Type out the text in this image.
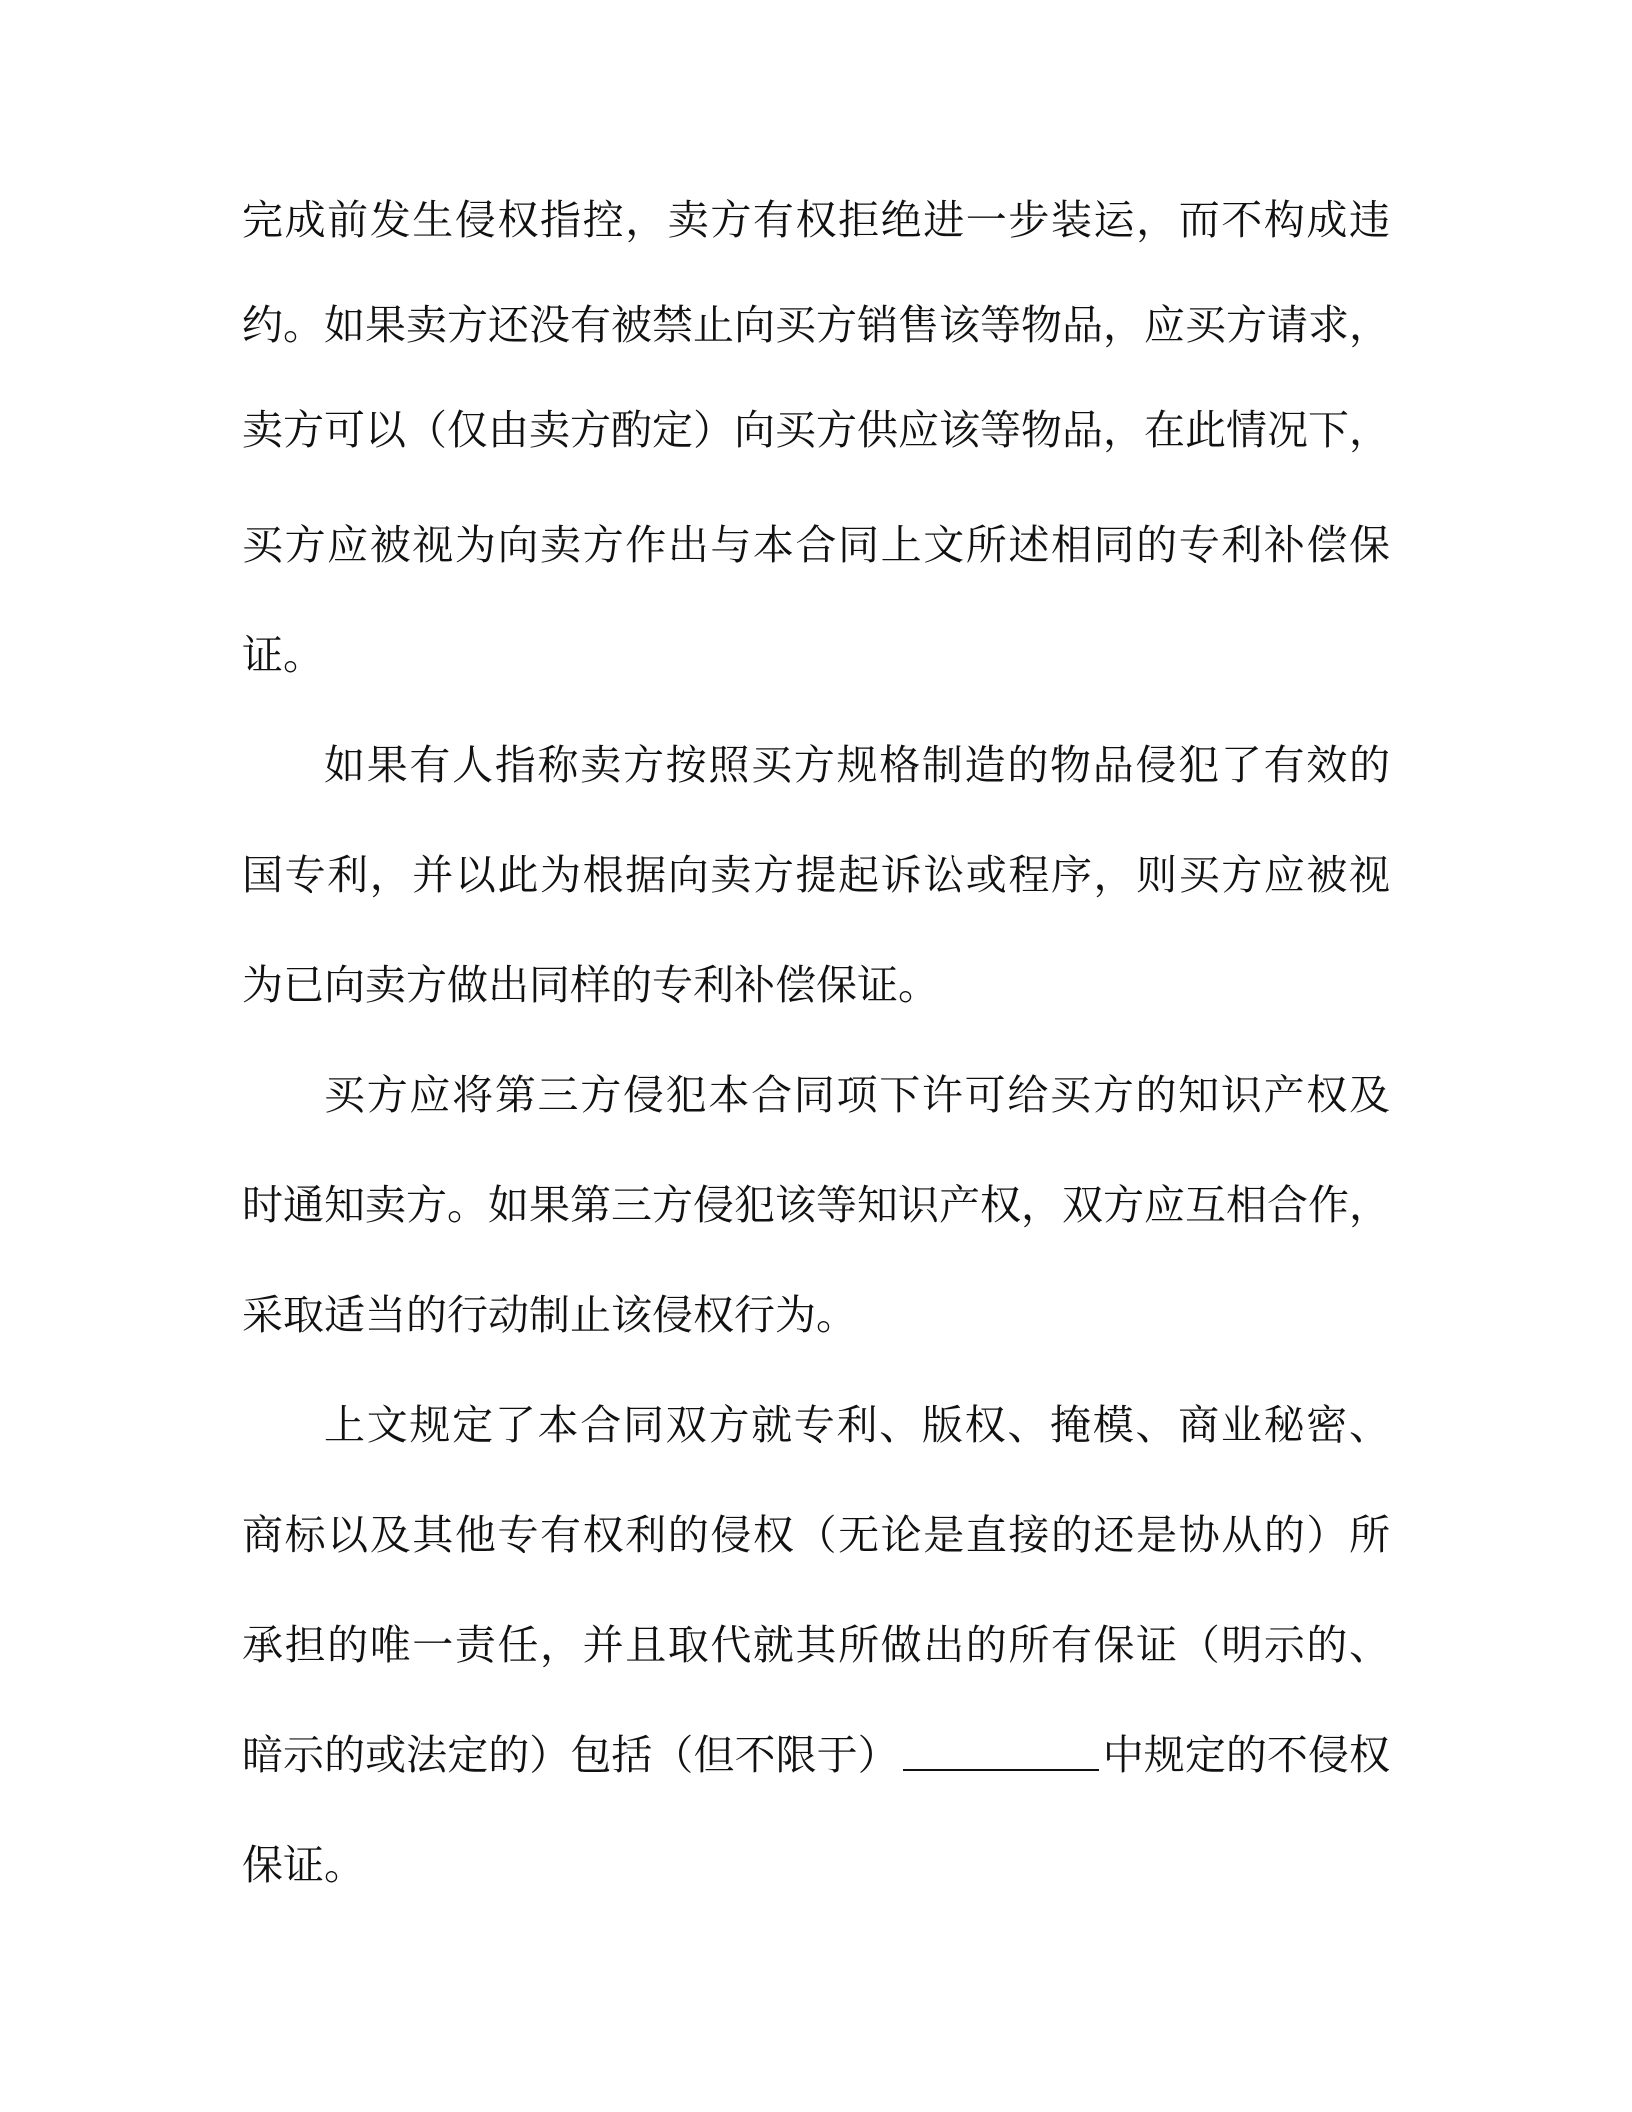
完成前发生侵权指控，卖方有权拒绝进一步装运，而不构成违
约。如果卖方还没有被禁止向买方销售该等物品，应买方请求，
卖方可以（仅由卖方酌定）向买方供应该等物品，在此情况下，
买方应被视为向卖方作出与本合同上文所述相同的专利补偿保
证。
如果有人指称卖方按照买方规格制造的物品侵犯了有效的
国专利，并以此为根据向卖方提起诉讼或程序，则买方应被视
为已向卖方做出同样的专利补偿保证。
买方应将第三方侵犯本合同项下许可给买方的知识产权及
时通知卖方。如果第三方侵犯该等知识产权，双方应互相合作，
采取适当的行动制止该侵权行为。
上文规定了本合同双方就专利、版权、掩模、商业秘密、
商标以及其他专有权利的侵权（无论是直接的还是协从的）所
承担的唯一责任，并且取代就其所做出的所有保证（明示的、
暗示的或法定的）包括（但不限于）	中规定的不侵权
保证。
